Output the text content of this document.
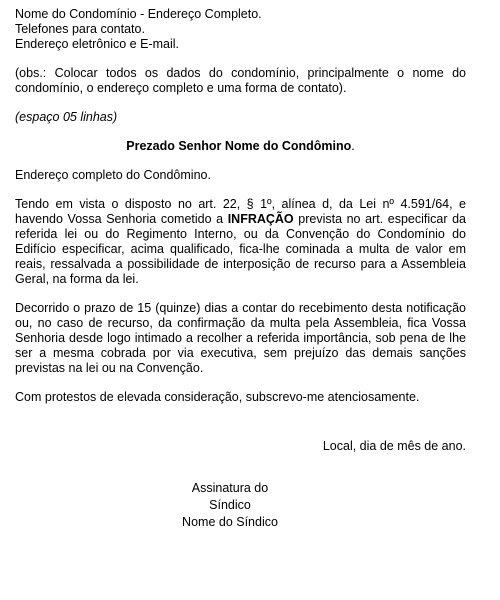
Nome do Condomínio - Endereço Completo.
Telefones para contato.
Endereço eletrônico e E-mail.

(obs.: Colocar todos os dados do condomínio, principalmente o nome do condomínio, o endereço completo e uma forma de contato).

(espaço 05 linhas)
Prezado Senhor Nome do Condômino.
Endereço completo do Condômino.

Tendo em vista o disposto no art. 22, § 1º, alínea d, da Lei nº 4.591/64, e havendo Vossa Senhoria cometido a INFRAÇÃO prevista no art. especificar da referida lei ou do Regimento Interno, ou da Convenção do Condomínio do Edifício especificar, acima qualificado, fica-lhe cominada a multa de valor em reais, ressalvada a possibilidade de interposição de recurso para a Assembleia Geral, na forma da lei.

Decorrido o prazo de 15 (quinze) dias a contar do recebimento desta notificação ou, no caso de recurso, da confirmação da multa pela Assembleia, fica Vossa Senhoria desde logo intimado a recolher a referida importância, sob pena de lhe ser a mesma cobrada por via executiva, sem prejuízo das demais sanções previstas na lei ou na Convenção.

Com protestos de elevada consideração, subscrevo-me atenciosamente.
Local, dia de mês de ano.
Assinatura do Síndico
Nome do Síndico
